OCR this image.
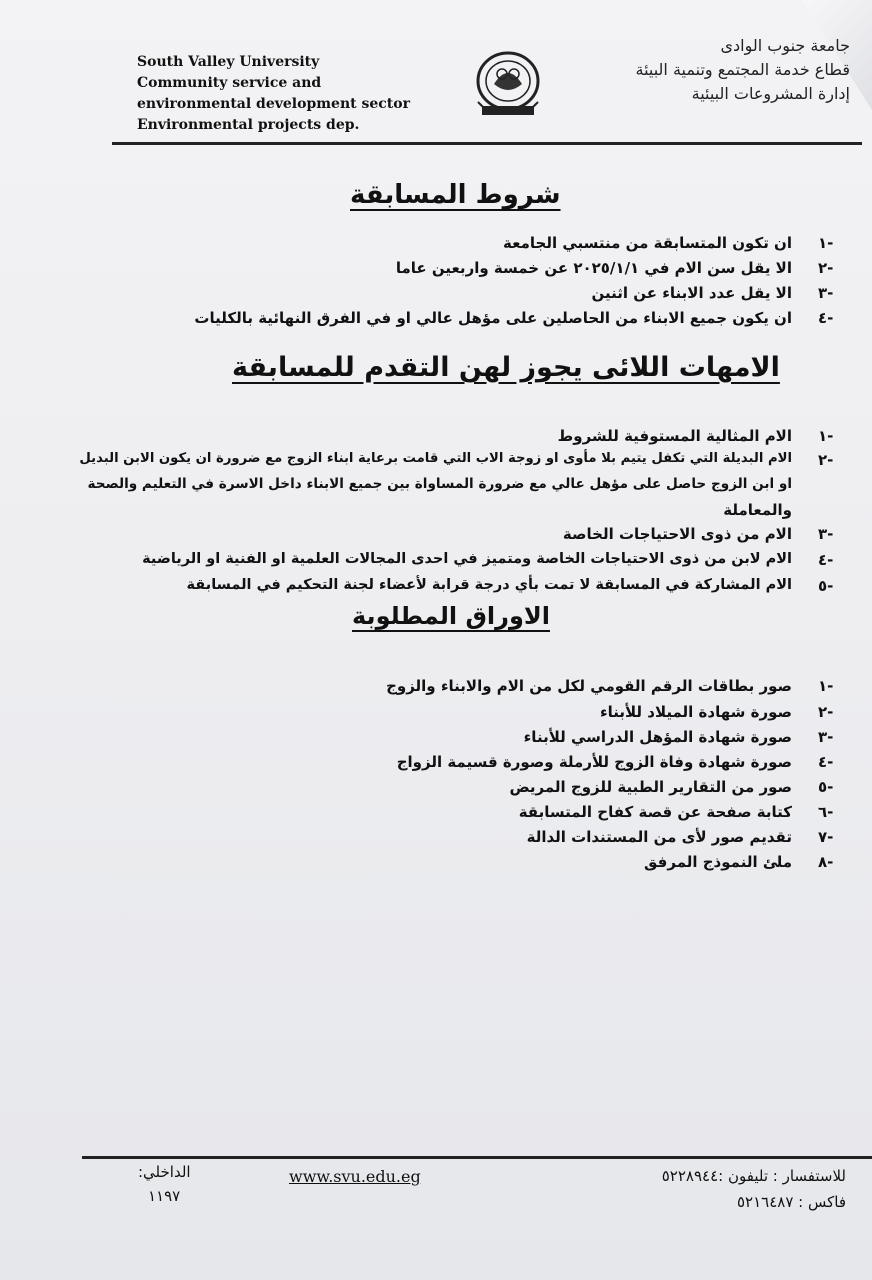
South Valley University
Community service and
environmental development sector
Environmental projects dep.
جامعة جنوب الوادى
قطاع خدمة المجتمع وتنمية البيئة
إدارة المشروعات البيئية
شروط المسابقة
١-
ان تكون المتسابقة من منتسبي الجامعة
٢-
الا يقل سن الام في ٢٠٢٥/١/١ عن خمسة واربعين عاما
٣-
الا يقل عدد الابناء عن اثنين
٤-
ان يكون جميع الابناء من الحاصلين على مؤهل عالي او في الفرق النهائية بالكليات
الامهات اللائى يجوز لهن التقدم للمسابقة
١-
الام المثالية المستوفية للشروط
٢-
الام البديلة التي تكفل يتيم بلا مأوى او زوجة الاب التي قامت برعاية ابناء الزوج مع ضرورة ان يكون الابن البديل
او ابن الزوج حاصل على مؤهل عالي مع ضرورة المساواة بين جميع الابناء داخل الاسرة في التعليم والصحة
والمعاملة
٣-
الام من ذوى الاحتياجات الخاصة
٤-
الام لابن من ذوى الاحتياجات الخاصة ومتميز في احدى المجالات العلمية او الفنية او الرياضية
٥-
الام المشاركة في المسابقة لا تمت بأي درجة قرابة لأعضاء لجنة التحكيم في المسابقة
الاوراق المطلوبة
١-
صور بطاقات الرقم القومي لكل من الام والابناء والزوج
٢-
صورة شهادة الميلاد للأبناء
٣-
صورة شهادة المؤهل الدراسي للأبناء
٤-
صورة شهادة وفاة الزوج للأرملة وصورة قسيمة الزواج
٥-
صور من التقارير الطبية للزوج المريض
٦-
كتابة صفحة عن قصة كفاح المتسابقة
٧-
تقديم صور لأى من المستندات الدالة
٨-
ملئ النموذج المرفق
للاستفسار : تليفون :٥٢٢٨٩٤٤
فاكس : ٥٢١٦٤٨٧
www.svu.edu.eg
الداخلي:
١١٩٧
